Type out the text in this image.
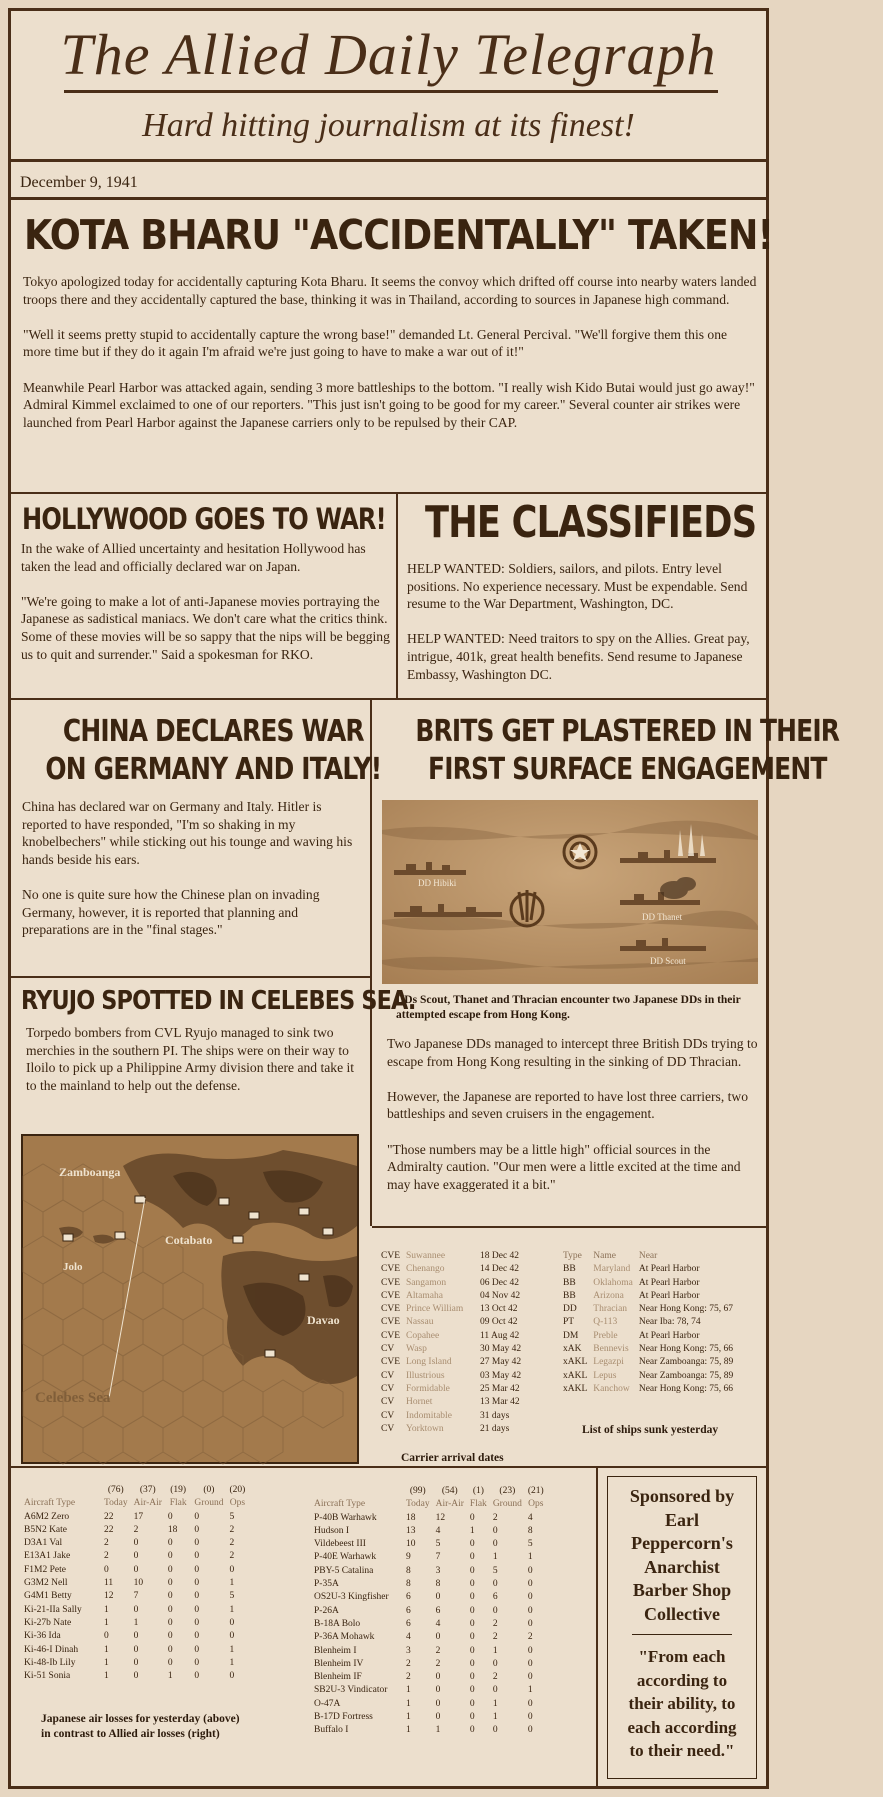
The Allied Daily Telegraph
Hard hitting journalism at its finest!
December 9, 1941
KOTA BHARU "ACCIDENTALLY" TAKEN!

Tokyo apologized today for accidentally capturing Kota Bharu. It seems the convoy which drifted off course into nearby waters landed troops there and they accidentally captured the base, thinking it was in Thailand, according to sources in Japanese high command.

"Well it seems pretty stupid to accidentally capture the wrong base!" demanded Lt. General Percival. "We'll forgive them this one more time but if they do it again I'm afraid we're just going to have to make a war out of it!"

Meanwhile Pearl Harbor was attacked again, sending 3 more battleships to the bottom. "I really wish Kido Butai would just go away!" Admiral Kimmel exclaimed to one of our reporters. "This just isn't going to be good for my career." Several counter air strikes were launched from Pearl Harbor against the Japanese carriers only to be repulsed by their CAP.

HOLLYWOOD GOES TO WAR!

In the wake of Allied uncertainty and hesitation Hollywood has taken the lead and officially declared war on Japan.

"We're going to make a lot of anti-Japanese movies portraying the Japanese as sadistical maniacs. We don't care what the critics think. Some of these movies will be so sappy that the nips will be begging us to quit and surrender." Said a spokesman for RKO.

THE CLASSIFIEDS

HELP WANTED: Soldiers, sailors, and pilots. Entry level positions. No experience necessary. Must be expendable. Send resume to the War Department, Washington, DC.

HELP WANTED: Need traitors to spy on the Allies. Great pay, intrigue, 401k, great health benefits. Send resume to Japanese Embassy, Washington DC.

CHINA DECLARES WAR
ON GERMANY AND ITALY!

China has declared war on Germany and Italy. Hitler is reported to have responded, "I'm so shaking in my knobelbechers" while sticking out his tounge and waving his hands beside his ears.

No one is quite sure how the Chinese plan on invading Germany, however, it is reported that planning and preparations are in the "final stages."

BRITS GET PLASTERED IN THEIR
FIRST SURFACE ENGAGEMENT
DD Hibiki
DD Thanet
DD Scout
DDs Scout, Thanet and Thracian encounter two Japanese DDs in their attempted escape from Hong Kong.

Two Japanese DDs managed to intercept three British DDs trying to escape from Hong Kong resulting in the sinking of DD Thracian.

However, the Japanese are reported to have lost three carriers, two battleships and seven cruisers in the engagement.

"Those numbers may be a little high" official sources in the Admiralty caution. "Our men were a little excited at the time and may have exaggerated it a bit."

RYUJO SPOTTED IN CELEBES SEA.

Torpedo bombers from CVL Ryujo managed to sink two merchies in the southern PI. The ships were on their way to Iloilo to pick up a Philippine Army division there and take it to the mainland to help out the defense.

Zamboanga
Cotabato
Jolo
Davao
Celebes Sea
CVE	Suwannee	18 Dec 42
CVE	Chenango	14 Dec 42
CVE	Sangamon	06 Dec 42
CVE	Altamaha	04 Nov 42
CVE	Prince William	13 Oct 42
CVE	Nassau	09 Oct 42
CVE	Copahee	11 Aug 42
CV	Wasp	30 May 42
CVE	Long Island	27 May 42
CV	Illustrious	03 May 42
CV	Formidable	25 Mar 42
CV	Hornet	13 Mar 42
CV	Indomitable	31 days
CV	Yorktown	21 days
Carrier arrival dates
Type	Name	Near
BB	Maryland	At Pearl Harbor
BB	Oklahoma	At Pearl Harbor
BB	Arizona	At Pearl Harbor
DD	Thracian	Near Hong Kong: 75, 67
PT	Q-113	Near Iba: 78, 74
DM	Preble	At Pearl Harbor
xAK	Bennevis	Near Hong Kong: 75, 66
xAKL	Legazpi	Near Zamboanga: 75, 89
xAKL	Lepus	Near Zamboanga: 75, 89
xAKL	Kanchow	Near Hong Kong: 75, 66
List of ships sunk yesterday
	(76)	(37)	(19)	(0)	(20)
Aircraft Type	Today	Air-Air	Flak	Ground	Ops
A6M2 Zero	22	17	0	0	5
B5N2 Kate	22	2	18	0	2
D3A1 Val	2	0	0	0	2
E13A1 Jake	2	0	0	0	2
F1M2 Pete	0	0	0	0	0
G3M2 Nell	11	10	0	0	1
G4M1 Betty	12	7	0	0	5
Ki-21-IIa Sally	1	0	0	0	1
Ki-27b Nate	1	1	0	0	0
Ki-36 Ida	0	0	0	0	0
Ki-46-I Dinah	1	0	0	0	1
Ki-48-Ib Lily	1	0	0	0	1
Ki-51 Sonia	1	0	1	0	0
Japanese air losses for yesterday (above)
in contrast to Allied air losses (right)
	(99)	(54)	(1)	(23)	(21)
Aircraft Type	Today	Air-Air	Flak	Ground	Ops
P-40B Warhawk	18	12	0	2	4
Hudson I	13	4	1	0	8
Vildebeest III	10	5	0	0	5
P-40E Warhawk	9	7	0	1	1
PBY-5 Catalina	8	3	0	5	0
P-35A	8	8	0	0	0
OS2U-3 Kingfisher	6	0	0	6	0
P-26A	6	6	0	0	0
B-18A Bolo	6	4	0	2	0
P-36A Mohawk	4	0	0	2	2
Blenheim I	3	2	0	1	0
Blenheim IV	2	2	0	0	0
Blenheim IF	2	0	0	2	0
SB2U-3 Vindicator	1	0	0	0	1
O-47A	1	0	0	1	0
B-17D Fortress	1	0	0	1	0
Buffalo I	1	1	0	0	0
Sponsored by
Earl
Peppercorn's
Anarchist
Barber Shop
Collective
"From each
according to
their ability, to
each according
to their need."
